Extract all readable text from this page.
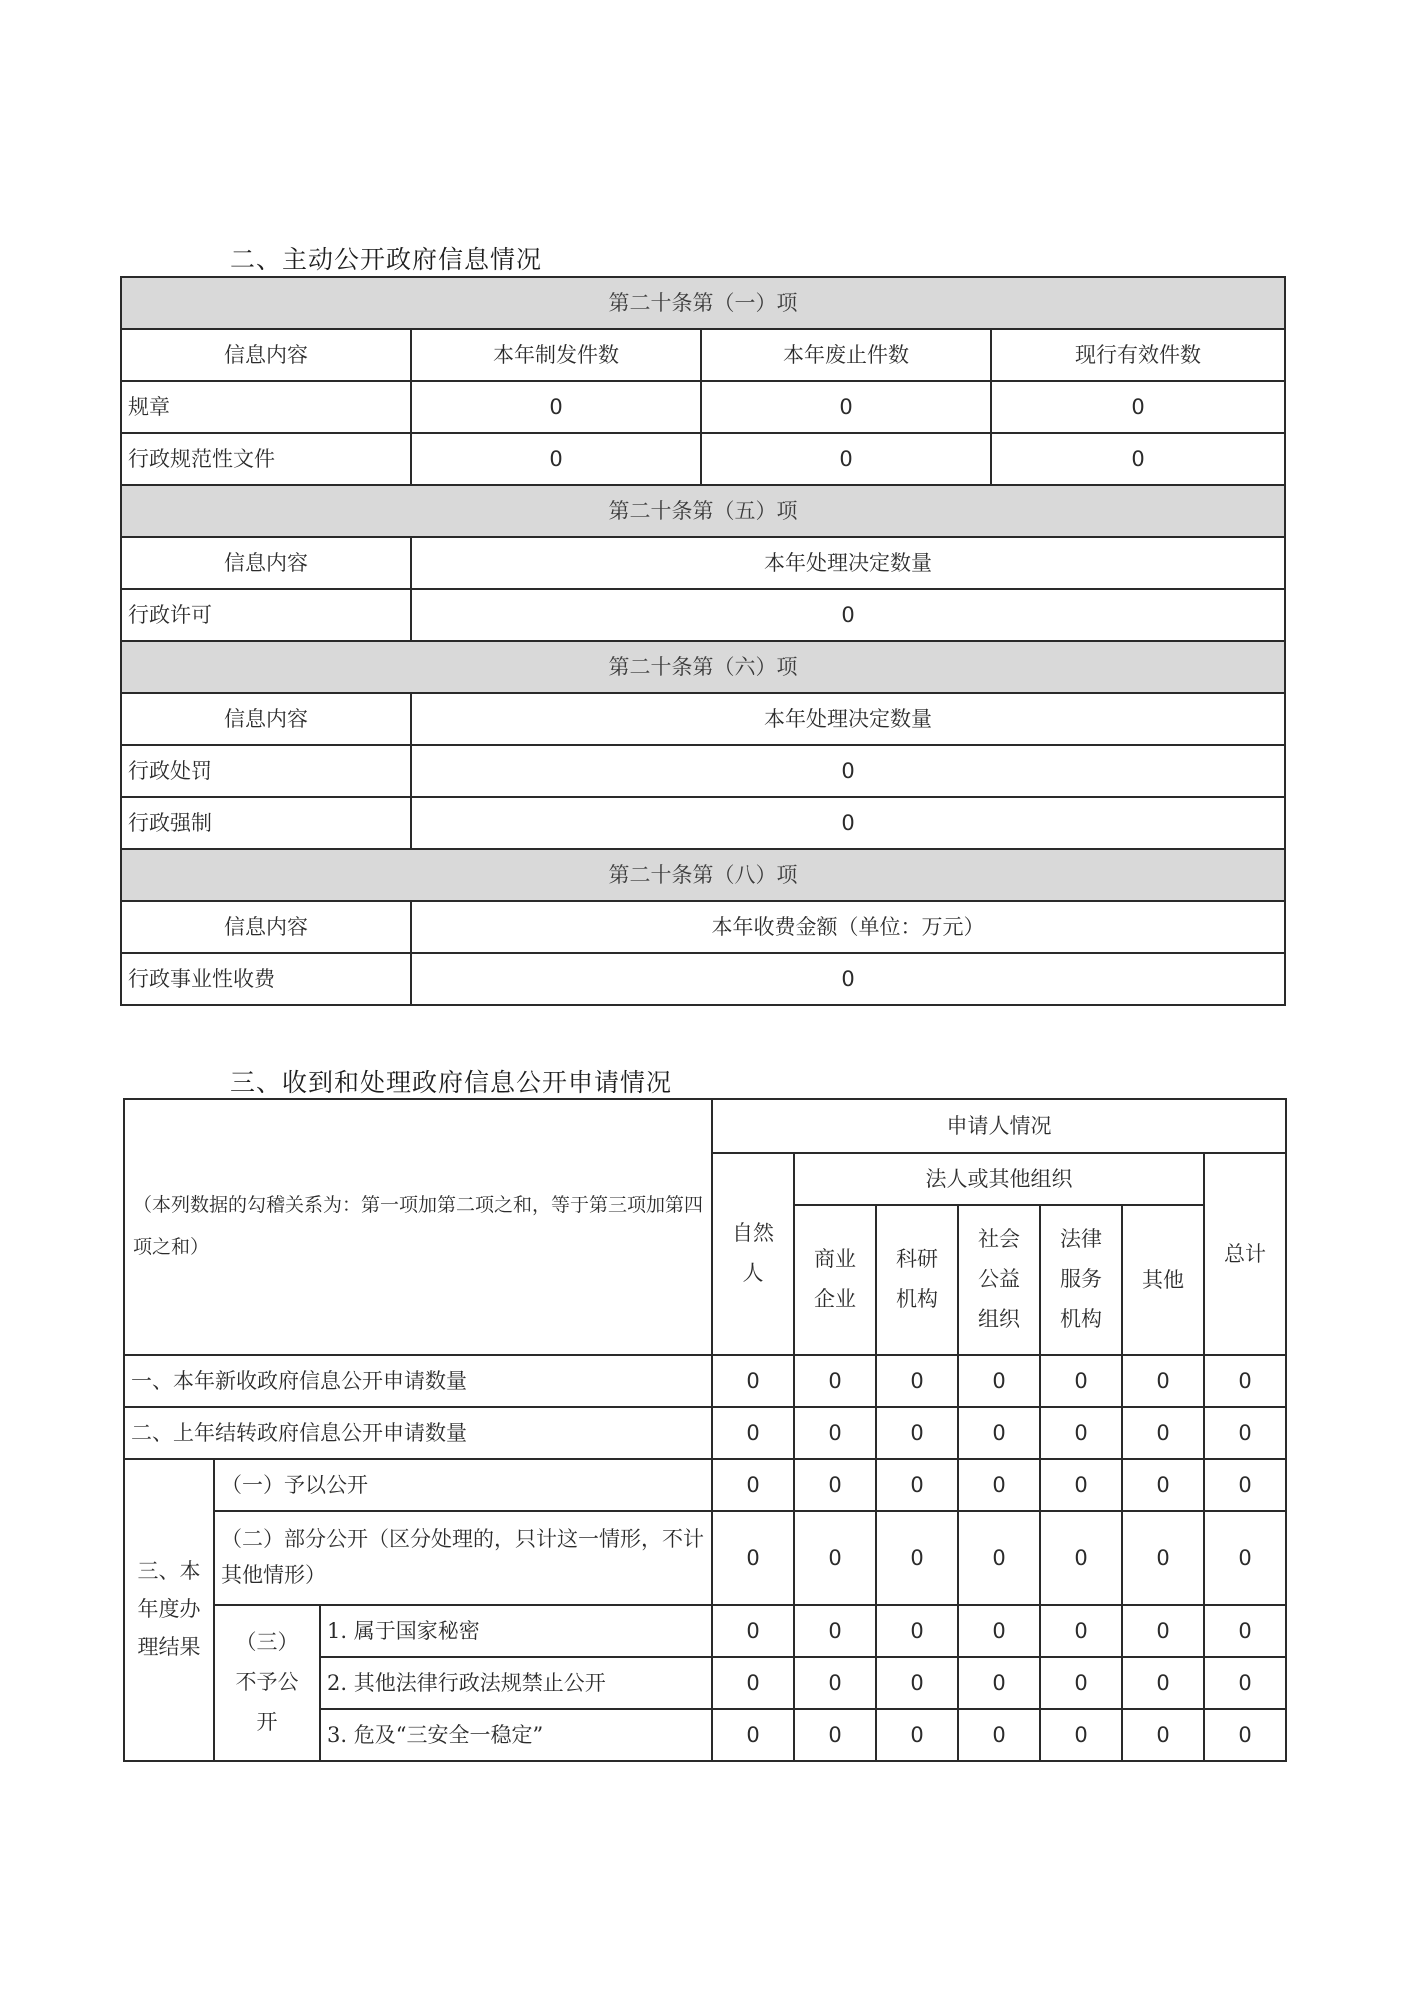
二、主动公开政府信息情况
第二十条第（一）项			
信息内容	本年制发件数	本年废止件数	现行有效件数
规章	0	0	0
行政规范性文件	0	0	0
第二十条第（五）项			
信息内容	本年处理决定数量		
行政许可	0		
第二十条第（六）项			
信息内容	本年处理决定数量		
行政处罚	0		
行政强制	0		
第二十条第（八）项			
信息内容	本年收费金额（单位：万元）		
行政事业性收费	0		
三、收到和处理政府信息公开申请情况
（本列数据的勾稽关系为：第一项加第二项之和，等于第三项加第四项之和）			申请人情况						
			自然人	法人或其他组织					总计
				商业企业	科研机构	社会公益组织	法律服务机构	其他	
一、本年新收政府信息公开申请数量			0	0	0	0	0	0	0
二、上年结转政府信息公开申请数量			0	0	0	0	0	0	0
三、本年度办理结果	（一）予以公开		0	0	0	0	0	0	0
	（二）部分公开（区分处理的，只计这一情形，不计其他情形）		0	0	0	0	0	0	0
	（三）不予公开	1. 属于国家秘密	0	0	0	0	0	0	0
		2. 其他法律行政法规禁止公开	0	0	0	0	0	0	0
		3. 危及“三安全一稳定”	0	0	0	0	0	0	0
